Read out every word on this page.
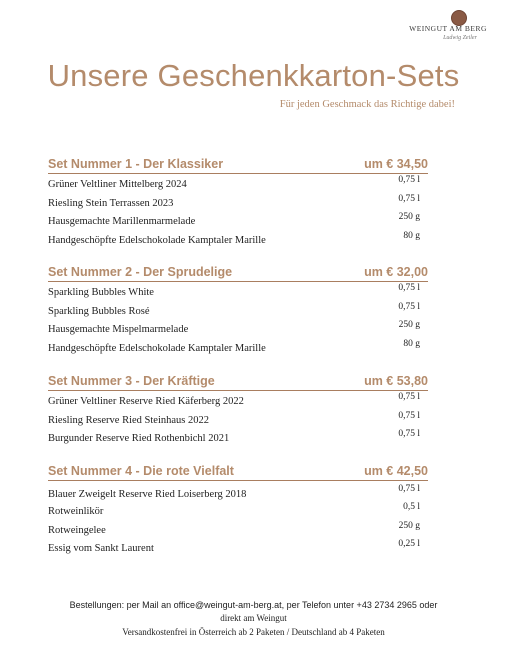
WEINGUT AM BERG
Ludwig Zeiler
Unsere Geschenkkarton-Sets
Für jeden Geschmack das Richtige dabei!
Set Nummer 1 - Der Klassiker	um € 34,50
Grüner Veltliner Mittelberg 2024	0,75 l
Riesling Stein Terrassen 2023	0,75 l
Hausgemachte Marillenmarmelade	250 g
Handgeschöpfte Edelschokolade Kamptaler Marille	80 g
Set Nummer 2 - Der Sprudelige	um € 32,00
Sparkling Bubbles White	0,75 l
Sparkling Bubbles Rosé	0,75 l
Hausgemachte Mispelmarmelade	250 g
Handgeschöpfte Edelschokolade Kamptaler Marille	80 g
Set Nummer 3 - Der Kräftige	um € 53,80
Grüner Veltliner Reserve Ried Käferberg 2022	0,75 l
Riesling Reserve Ried Steinhaus 2022	0,75 l
Burgunder Reserve Ried Rothenbichl 2021	0,75 l
Set Nummer 4 - Die rote Vielfalt	um € 42,50
Blauer Zweigelt Reserve Ried Loiserberg 2018	0,75 l
Rotweinlikör	0,5 l
Rotweingelee	250 g
Essig vom Sankt Laurent	0,25 l
Bestellungen: per Mail an office@weingut-am-berg.at, per Telefon unter +43 2734 2965 oder
direkt am Weingut
Versandkostenfrei in Österreich ab 2 Paketen / Deutschland ab 4 Paketen
